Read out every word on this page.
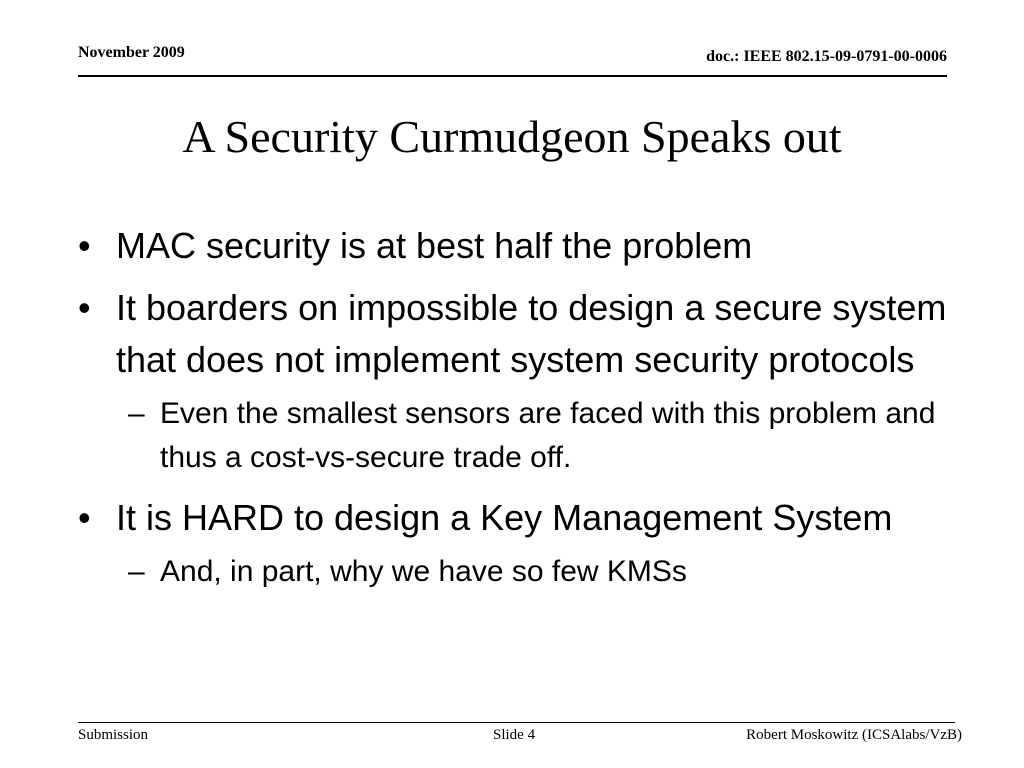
November 2009	doc.: IEEE 802.15-09-0791-00-0006
A Security Curmudgeon Speaks out
• MAC security is at best half the problem
• It boarders on impossible to design a secure system that does not implement system security protocols
– Even the smallest sensors are faced with this problem and thus a cost-vs-secure trade off.
• It is HARD to design a Key Management System
– And, in part, why we have so few KMSs
Submission	Slide 4	Robert Moskowitz (ICSAlabs/VzB)
